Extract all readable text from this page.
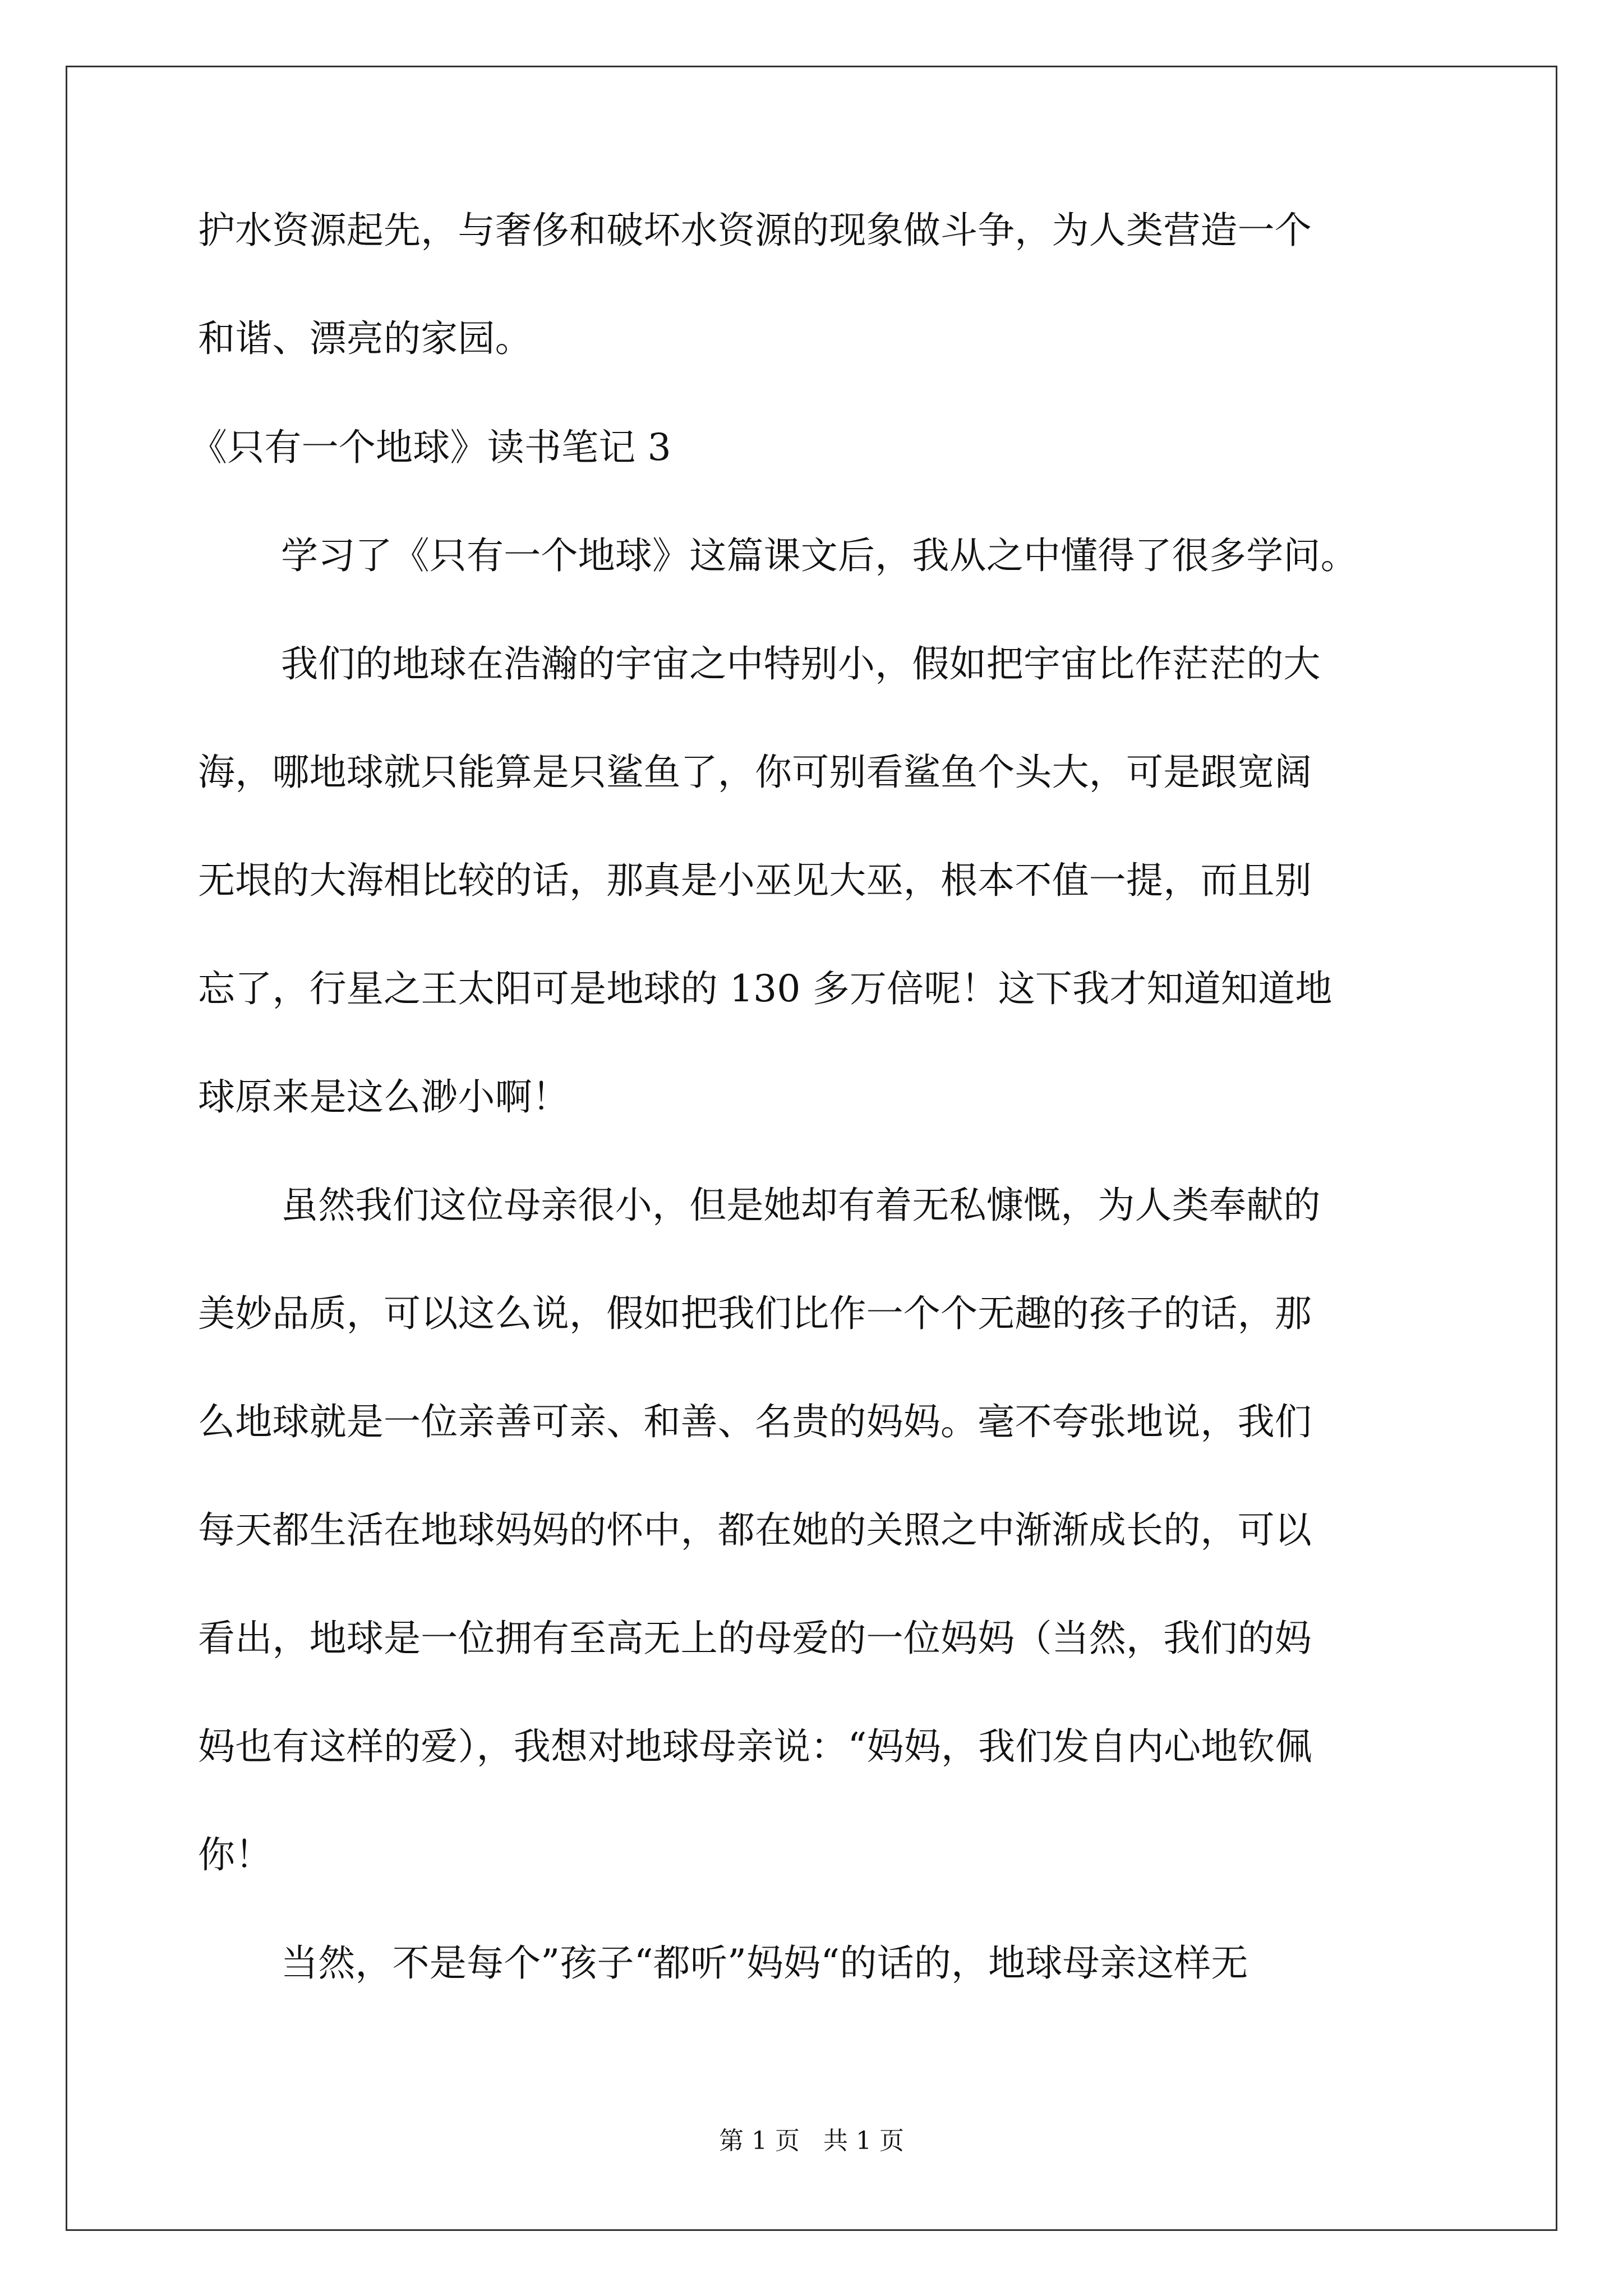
护水资源起先，与奢侈和破坏水资源的现象做斗争，为人类营造一个
和谐、漂亮的家园。
《只有一个地球》读书笔记 3
学习了《只有一个地球》这篇课文后，我从之中懂得了很多学问。
我们的地球在浩瀚的宇宙之中特别小，假如把宇宙比作茫茫的大
海，哪地球就只能算是只鲨鱼了，你可别看鲨鱼个头大，可是跟宽阔
无垠的大海相比较的话，那真是小巫见大巫，根本不值一提，而且别
忘了，行星之王太阳可是地球的 130 多万倍呢！这下我才知道知道地
球原来是这么渺小啊！
虽然我们这位母亲很小，但是她却有着无私慷慨，为人类奉献的
美妙品质，可以这么说，假如把我们比作一个个无趣的孩子的话，那
么地球就是一位亲善可亲、和善、名贵的妈妈。毫不夸张地说，我们
每天都生活在地球妈妈的怀中，都在她的关照之中渐渐成长的，可以
看出，地球是一位拥有至高无上的母爱的一位妈妈（当然，我们的妈
妈也有这样的爱），我想对地球母亲说：“妈妈，我们发自内心地钦佩
你！
当然，不是每个”孩子“都听”妈妈“的话的，地球母亲这样无
第 1 页   共 1 页
